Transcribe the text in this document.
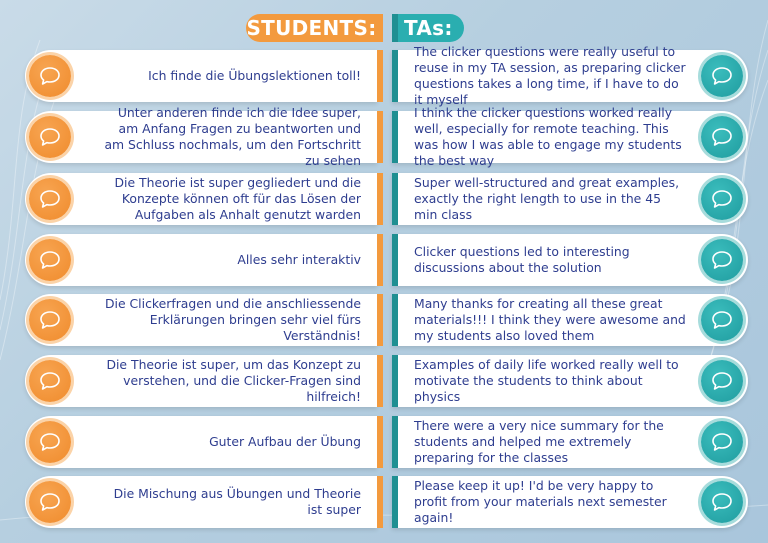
STUDENTS:	TAs:
Ich finde die Übungslektionen toll!
The clicker questions were really useful to reuse in my TA session, as preparing clicker questions takes a long time, if I have to do it myself
Unter anderen finde ich die Idee super, am Anfang Fragen zu beantworten und am Schluss nochmals, um den Fortschritt zu sehen
I think the clicker questions worked really well, especially for remote teaching. This was how I was able to engage my students the best way
Die Theorie ist super gegliedert und die Konzepte können oft für das Lösen der Aufgaben als Anhalt genutzt warden
Super well-structured and great examples, exactly the right length to use in the 45 min class
Alles sehr interaktiv
Clicker questions led to interesting discussions about the solution
Die Clickerfragen und die anschliessende Erklärungen bringen sehr viel fürs Verständnis!
Many thanks for creating all these great materials!!! I think they were awesome and my students also loved them
Die Theorie ist super, um das Konzept zu verstehen, und die Clicker-Fragen sind hilfreich!
Examples of daily life worked really well to motivate the students to think about physics
Guter Aufbau der Übung
There were a very nice summary for the students and helped me extremely preparing for the classes
Die Mischung aus Übungen und Theorie ist super
Please keep it up! I'd be very happy to profit from your materials next semester again!
